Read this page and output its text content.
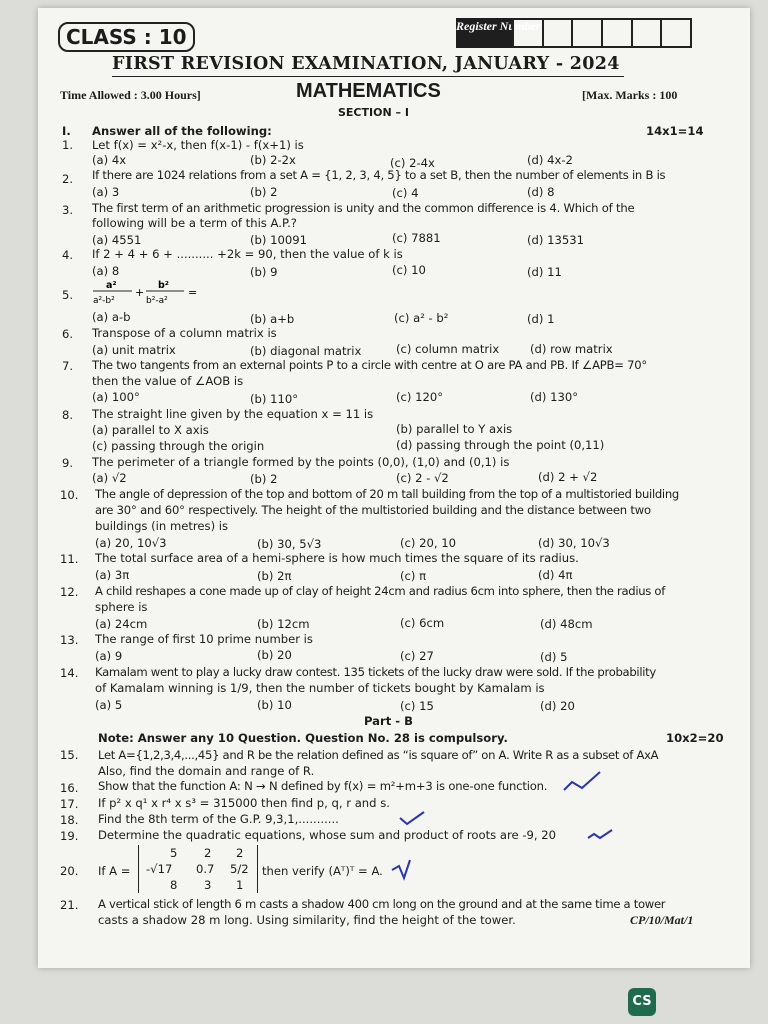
CLASS : 10	Register Number
FIRST REVISION EXAMINATION, JANUARY - 2024
MATHEMATICS
Time Allowed : 3.00 Hours]	[Max. Marks : 100
SECTION – I
I. Answer all of the following:	14x1=14
1. Let f(x) = x²-x, then f(x-1) - f(x+1) is
(a) 4x	(b) 2-2x	(c) 2-4x	(d) 4x-2
2. If there are 1024 relations from a set A = {1, 2, 3, 4, 5} to a set B, then the number of elements in B is
(a) 3	(b) 2	(c) 4	(d) 8
3. The first term of an arithmetic progression is unity and the common difference is 4. Which of the
following will be a term of this A.P.?
(a) 4551	(b) 10091	(c) 7881	(d) 13531
4. If 2 + 4 + 6 + .......... +2k = 90, then the value of k is
(a) 8	(b) 9	(c) 10	(d) 11
5.
a²
a²-b²
+
b²
b²-a²
=
(a) a-b	(b) a+b	(c) a² - b²	(d) 1
6. Transpose of a column matrix is
(a) unit matrix	(b) diagonal matrix	(c) column matrix	(d) row matrix
7. The two tangents from an external points P to a circle with centre at O are PA and PB. If ∠APB= 70°
then the value of ∠AOB is
(a) 100°	(b) 110°	(c) 120°	(d) 130°
8. The straight line given by the equation x = 11 is
(a) parallel to X axis	(b) parallel to Y axis
(c) passing through the origin	(d) passing through the point (0,11)
9. The perimeter of a triangle formed by the points (0,0), (1,0) and (0,1) is
(a) √2	(b) 2	(c) 2 - √2	(d) 2 + √2
10. The angle of depression of the top and bottom of 20 m tall building from the top of a multistoried building
are 30° and 60° respectively. The height of the multistoried building and the distance between two
buildings (in metres) is
(a) 20, 10√3	(b) 30, 5√3	(c) 20, 10	(d) 30, 10√3
11. The total surface area of a hemi-sphere is how much times the square of its radius.
(a) 3π	(b) 2π	(c) π	(d) 4π
12. A child reshapes a cone made up of clay of height 24cm and radius 6cm into sphere, then the radius of
sphere is
(a) 24cm	(b) 12cm	(c) 6cm	(d) 48cm
13. The range of first 10 prime number is
(a) 9	(b) 20	(c) 27	(d) 5
14. Kamalam went to play a lucky draw contest. 135 tickets of the lucky draw were sold. If the probability
of Kamalam winning is 1/9, then the number of tickets bought by Kamalam is
(a) 5	(b) 10	(c) 15	(d) 20
Part - B
Note: Answer any 10 Question. Question No. 28 is compulsory.	10x2=20
15. Let A={1,2,3,4,...,45} and R be the relation defined as “is square of” on A. Write R as a subset of AxA
Also, find the domain and range of R.
16. Show that the function A: N → N defined by f(x) = m²+m+3 is one-one function.
17. If p² x q¹ x r⁴ x s³ = 315000 then find p, q, r and s.
18. Find the 8th term of the G.P. 9,3,1,...........
19. Determine the quadratic equations, whose sum and product of roots are -9, 20
20. If A =
5 2 2
-√17 0.7 5/2
8 3 1
then verify (Aᵀ)ᵀ = A.
21. A vertical stick of length 6 m casts a shadow 400 cm long on the ground and at the same time a tower
casts a shadow 28 m long. Using similarity, find the height of the tower.	CP/10/Mat/1
CS
